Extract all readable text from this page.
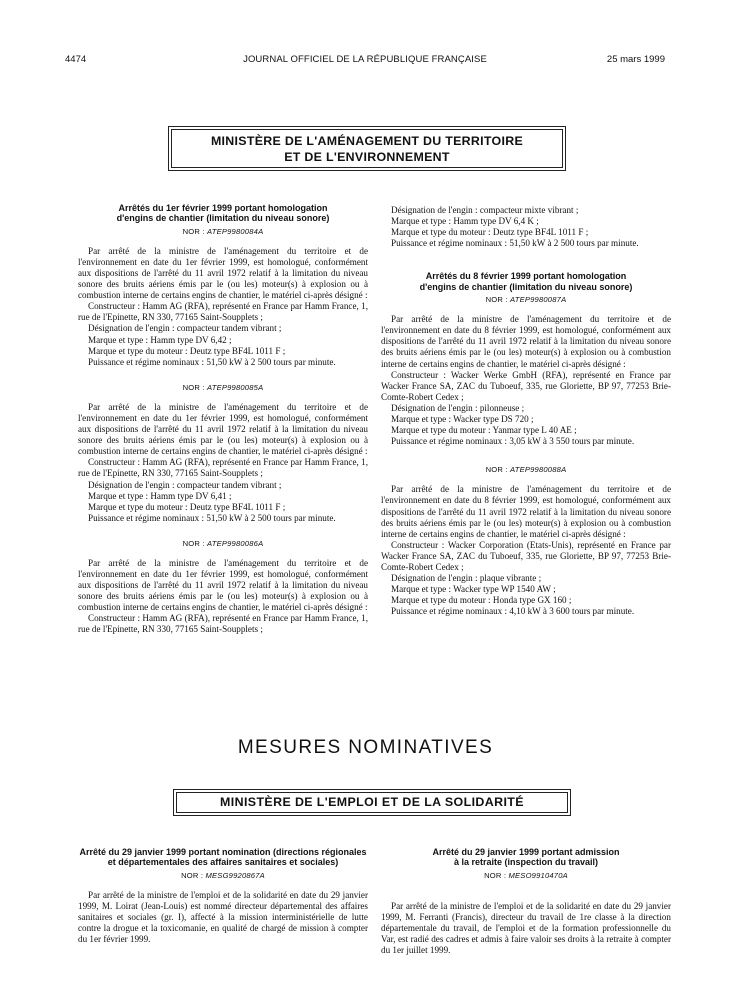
4474	JOURNAL OFFICIEL DE LA RÉPUBLIQUE FRANÇAISE	25 mars 1999
MINISTÈRE DE L'AMÉNAGEMENT DU TERRITOIRE
ET DE L'ENVIRONNEMENT
Arrêtés du 1er février 1999 portant homologation
d'engins de chantier (limitation du niveau sonore)
NOR : ATEP9980084A

Par arrêté de la ministre de l'aménagement du territoire et de l'environnement en date du 1er février 1999, est homologué, conformément aux dispositions de l'arrêté du 11 avril 1972 relatif à la limitation du niveau sonore des bruits aériens émis par le (ou les) moteur(s) à explosion ou à combustion interne de certains engins de chantier, le matériel ci-après désigné :

Constructeur : Hamm AG (RFA), représenté en France par Hamm France, 1, rue de l'Epinette, RN 330, 77165 Saint-Soupplets ;

Désignation de l'engin : compacteur tandem vibrant ;

Marque et type : Hamm type DV 6,42 ;

Marque et type du moteur : Deutz type BF4L 1011 F ;

Puissance et régime nominaux : 51,50 kW à 2 500 tours par minute.

NOR : ATEP9980085A

Par arrêté de la ministre de l'aménagement du territoire et de l'environnement en date du 1er février 1999, est homologué, conformément aux dispositions de l'arrêté du 11 avril 1972 relatif à la limitation du niveau sonore des bruits aériens émis par le (ou les) moteur(s) à explosion ou à combustion interne de certains engins de chantier, le matériel ci-après désigné :

Constructeur : Hamm AG (RFA), représenté en France par Hamm France, 1, rue de l'Epinette, RN 330, 77165 Saint-Soupplets ;

Désignation de l'engin : compacteur tandem vibrant ;

Marque et type : Hamm type DV 6,41 ;

Marque et type du moteur : Deutz type BF4L 1011 F ;

Puissance et régime nominaux : 51,50 kW à 2 500 tours par minute.

NOR : ATEP9980086A

Par arrêté de la ministre de l'aménagement du territoire et de l'environnement en date du 1er février 1999, est homologué, conformément aux dispositions de l'arrêté du 11 avril 1972 relatif à la limitation du niveau sonore des bruits aériens émis par le (ou les) moteur(s) à explosion ou à combustion interne de certains engins de chantier, le matériel ci-après désigné :

Constructeur : Hamm AG (RFA), représenté en France par Hamm France, 1, rue de l'Epinette, RN 330, 77165 Saint-Soupplets ;

Désignation de l'engin : compacteur mixte vibrant ;

Marque et type : Hamm type DV 6,4 K ;

Marque et type du moteur : Deutz type BF4L 1011 F ;

Puissance et régime nominaux : 51,50 kW à 2 500 tours par minute.

Arrêtés du 8 février 1999 portant homologation
d'engins de chantier (limitation du niveau sonore)
NOR : ATEP9980087A

Par arrêté de la ministre de l'aménagement du territoire et de l'environnement en date du 8 février 1999, est homologué, conformément aux dispositions de l'arrêté du 11 avril 1972 relatif à la limitation du niveau sonore des bruits aériens émis par le (ou les) moteur(s) à explosion ou à combustion interne de certains engins de chantier, le matériel ci-après désigné :

Constructeur : Wacker Werke GmbH (RFA), représenté en France par Wacker France SA, ZAC du Tuboeuf, 335, rue Gloriette, BP 97, 77253 Brie-Comte-Robert Cedex ;

Désignation de l'engin : pilonneuse ;

Marque et type : Wacker type DS 720 ;

Marque et type du moteur : Yanmar type L 40 AE ;

Puissance et régime nominaux : 3,05 kW à 3 550 tours par minute.

NOR : ATEP9980088A

Par arrêté de la ministre de l'aménagement du territoire et de l'environnement en date du 8 février 1999, est homologué, conformément aux dispositions de l'arrêté du 11 avril 1972 relatif à la limitation du niveau sonore des bruits aériens émis par le (ou les) moteur(s) à explosion ou à combustion interne de certains engins de chantier, le matériel ci-après désigné :

Constructeur : Wacker Corporation (Etats-Unis), représenté en France par Wacker France SA, ZAC du Tuboeuf, 335, rue Gloriette, BP 97, 77253 Brie-Comte-Robert Cedex ;

Désignation de l'engin : plaque vibrante ;

Marque et type : Wacker type WP 1540 AW ;

Marque et type du moteur : Honda type GX 160 ;

Puissance et régime nominaux : 4,10 kW à 3 600 tours par minute.

MESURES NOMINATIVES
MINISTÈRE DE L'EMPLOI ET DE LA SOLIDARITÉ
Arrêté du 29 janvier 1999 portant nomination (directions régionales et départementales des affaires sanitaires et sociales)
NOR : MESG9920867A

Par arrêté de la ministre de l'emploi et de la solidarité en date du 29 janvier 1999, M. Loirat (Jean-Louis) est nommé directeur départemental des affaires sanitaires et sociales (gr. I), affecté à la mission interministérielle de lutte contre la drogue et la toxicomanie, en qualité de chargé de mission à compter du 1er février 1999.

Arrêté du 29 janvier 1999 portant admission
à la retraite (inspection du travail)
NOR : MESO9910470A

Par arrêté de la ministre de l'emploi et de la solidarité en date du 29 janvier 1999, M. Ferranti (Francis), directeur du travail de 1re classe à la direction départementale du travail, de l'emploi et de la formation professionnelle du Var, est radié des cadres et admis à faire valoir ses droits à la retraite à compter du 1er juillet 1999.
